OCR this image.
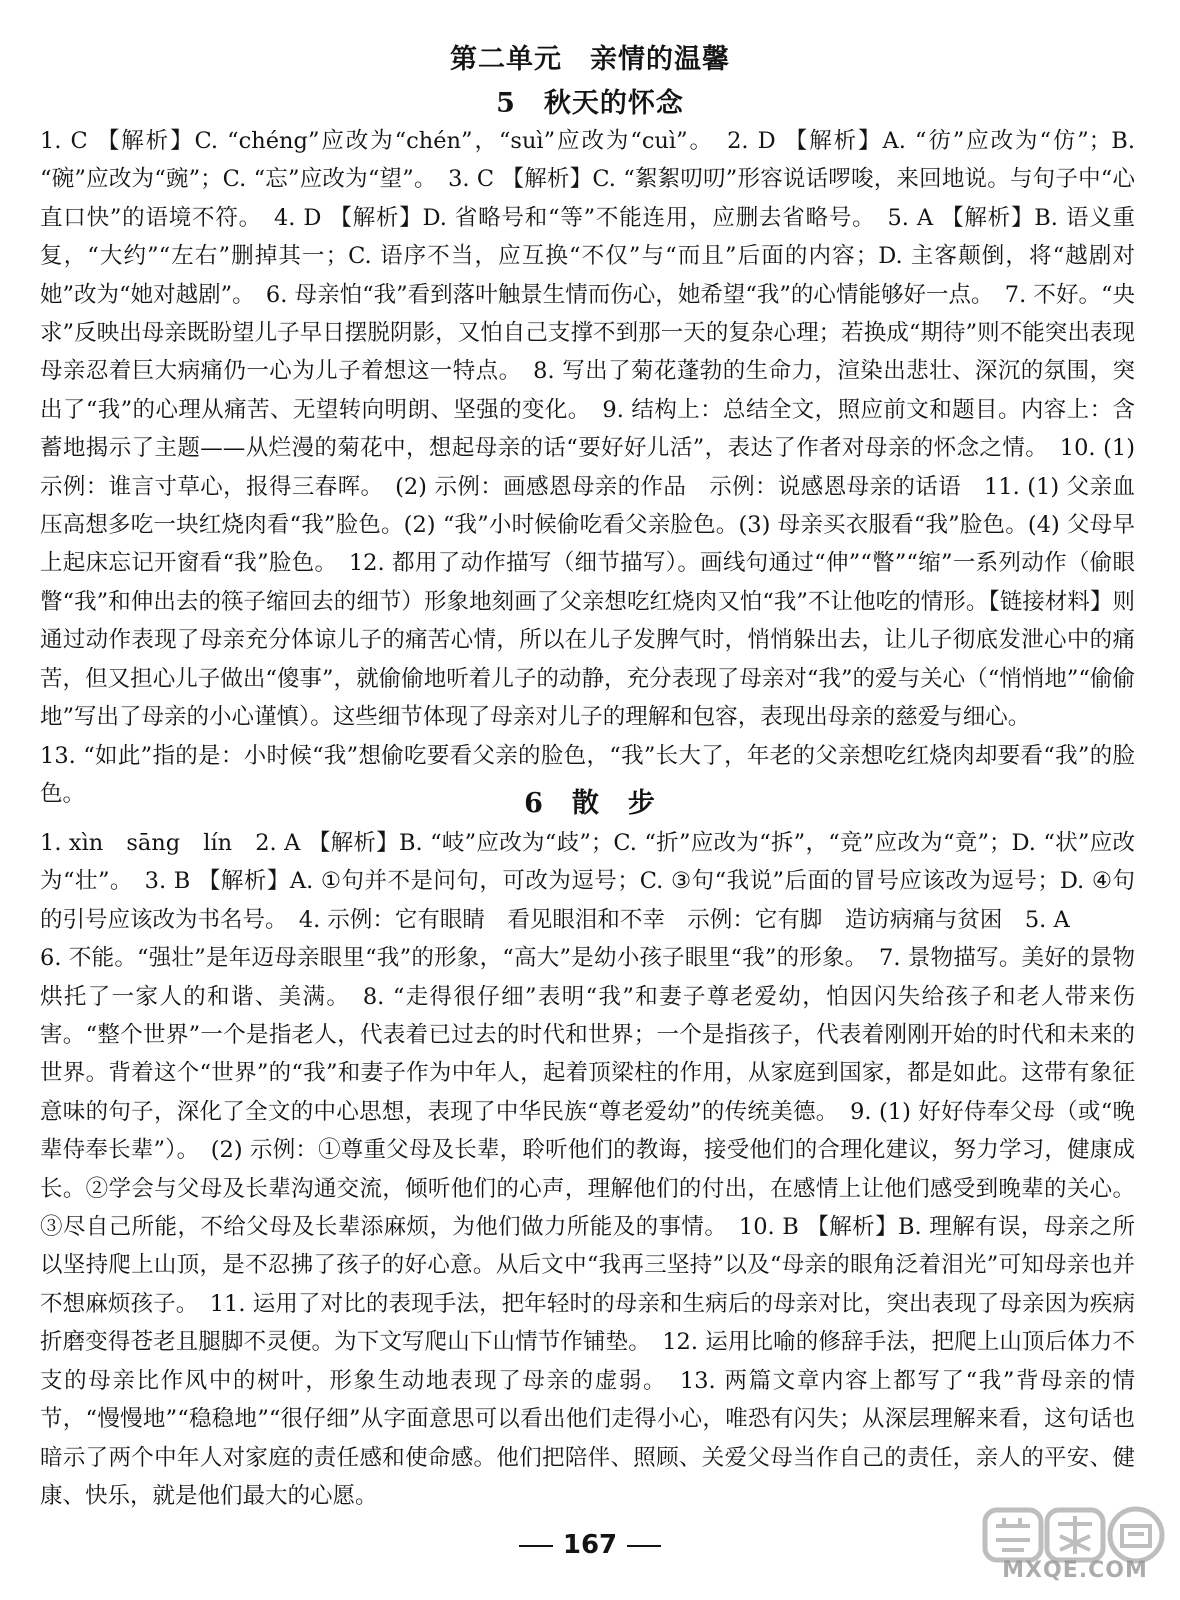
第二单元　亲情的温馨
5　秋天的怀念

1. C 【解析】C. “chéng”应改为“chén”，“suì”应改为“cuì”。　2. D 【解析】A. “彷”应改为“仿”；B. “碗”应改为“豌”；C. “忘”应改为“望”。　3. C 【解析】C. “絮絮叨叨”形容说话啰唆，来回地说。与句子中“心直口快”的语境不符。　4. D 【解析】D. 省略号和“等”不能连用，应删去省略号。　5. A 【解析】B. 语义重复，“大约”“左右”删掉其一；C. 语序不当，应互换“不仅”与“而且”后面的内容；D. 主客颠倒，将“越剧对她”改为“她对越剧”。　6. 母亲怕“我”看到落叶触景生情而伤心，她希望“我”的心情能够好一点。　7. 不好。“央求”反映出母亲既盼望儿子早日摆脱阴影，又怕自己支撑不到那一天的复杂心理；若换成“期待”则不能突出表现母亲忍着巨大病痛仍一心为儿子着想这一特点。　8. 写出了菊花蓬勃的生命力，渲染出悲壮、深沉的氛围，突出了“我”的心理从痛苦、无望转向明朗、坚强的变化。　9. 结构上：总结全文，照应前文和题目。内容上：含蓄地揭示了主题——从烂漫的菊花中，想起母亲的话“要好好儿活”，表达了作者对母亲的怀念之情。　10. (1) 示例：谁言寸草心，报得三春晖。　(2) 示例：画感恩母亲的作品　示例：说感恩母亲的话语　11. (1) 父亲血压高想多吃一块红烧肉看“我”脸色。(2) “我”小时候偷吃看父亲脸色。(3) 母亲买衣服看“我”脸色。(4) 父母早上起床忘记开窗看“我”脸色。　12. 都用了动作描写（细节描写）。画线句通过“伸”“瞥”“缩”一系列动作（偷眼瞥“我”和伸出去的筷子缩回去的细节）形象地刻画了父亲想吃红烧肉又怕“我”不让他吃的情形。【链接材料】则通过动作表现了母亲充分体谅儿子的痛苦心情，所以在儿子发脾气时，悄悄躲出去，让儿子彻底发泄心中的痛苦，但又担心儿子做出“傻事”，就偷偷地听着儿子的动静，充分表现了母亲对“我”的爱与关心（“悄悄地”“偷偷地”写出了母亲的小心谨慎）。这些细节体现了母亲对儿子的理解和包容，表现出母亲的慈爱与细心。

13. “如此”指的是：小时候“我”想偷吃要看父亲的脸色，“我”长大了，年老的父亲想吃红烧肉却要看“我”的脸色。	6　散　步

1. xìn　sāng　lín　2. A 【解析】B. “岐”应改为“歧”；C. “折”应改为“拆”，“竞”应改为“竟”；D. “状”应改为“壮”。　3. B 【解析】A. ①句并不是问句，可改为逗号；C. ③句“我说”后面的冒号应该改为逗号；D. ④句的引号应该改为书名号。　4. 示例：它有眼睛　看见眼泪和不幸　示例：它有脚　造访病痛与贫困　5. A

6. 不能。“强壮”是年迈母亲眼里“我”的形象，“高大”是幼小孩子眼里“我”的形象。　7. 景物描写。美好的景物烘托了一家人的和谐、美满。　8. “走得很仔细”表明“我”和妻子尊老爱幼，怕因闪失给孩子和老人带来伤害。“整个世界”一个是指老人，代表着已过去的时代和世界；一个是指孩子，代表着刚刚开始的时代和未来的世界。背着这个“世界”的“我”和妻子作为中年人，起着顶梁柱的作用，从家庭到国家，都是如此。这带有象征意味的句子，深化了全文的中心思想，表现了中华民族“尊老爱幼”的传统美德。　9. (1) 好好侍奉父母（或“晚辈侍奉长辈”）。　(2) 示例：①尊重父母及长辈，聆听他们的教诲，接受他们的合理化建议，努力学习，健康成长。②学会与父母及长辈沟通交流，倾听他们的心声，理解他们的付出，在感情上让他们感受到晚辈的关心。③尽自己所能，不给父母及长辈添麻烦，为他们做力所能及的事情。　10. B 【解析】B. 理解有误，母亲之所以坚持爬上山顶，是不忍拂了孩子的好心意。从后文中“我再三坚持”以及“母亲的眼角泛着泪光”可知母亲也并不想麻烦孩子。　11. 运用了对比的表现手法，把年轻时的母亲和生病后的母亲对比，突出表现了母亲因为疾病折磨变得苍老且腿脚不灵便。为下文写爬山下山情节作铺垫。　12. 运用比喻的修辞手法，把爬上山顶后体力不支的母亲比作风中的树叶，形象生动地表现了母亲的虚弱。　13. 两篇文章内容上都写了“我”背母亲的情节，“慢慢地”“稳稳地”“很仔细”从字面意思可以看出他们走得小心，唯恐有闪失；从深层理解来看，这句话也暗示了两个中年人对家庭的责任感和使命感。他们把陪伴、照顾、关爱父母当作自己的责任，亲人的平安、健康、快乐，就是他们最大的心愿。

167
MXQE.COM
